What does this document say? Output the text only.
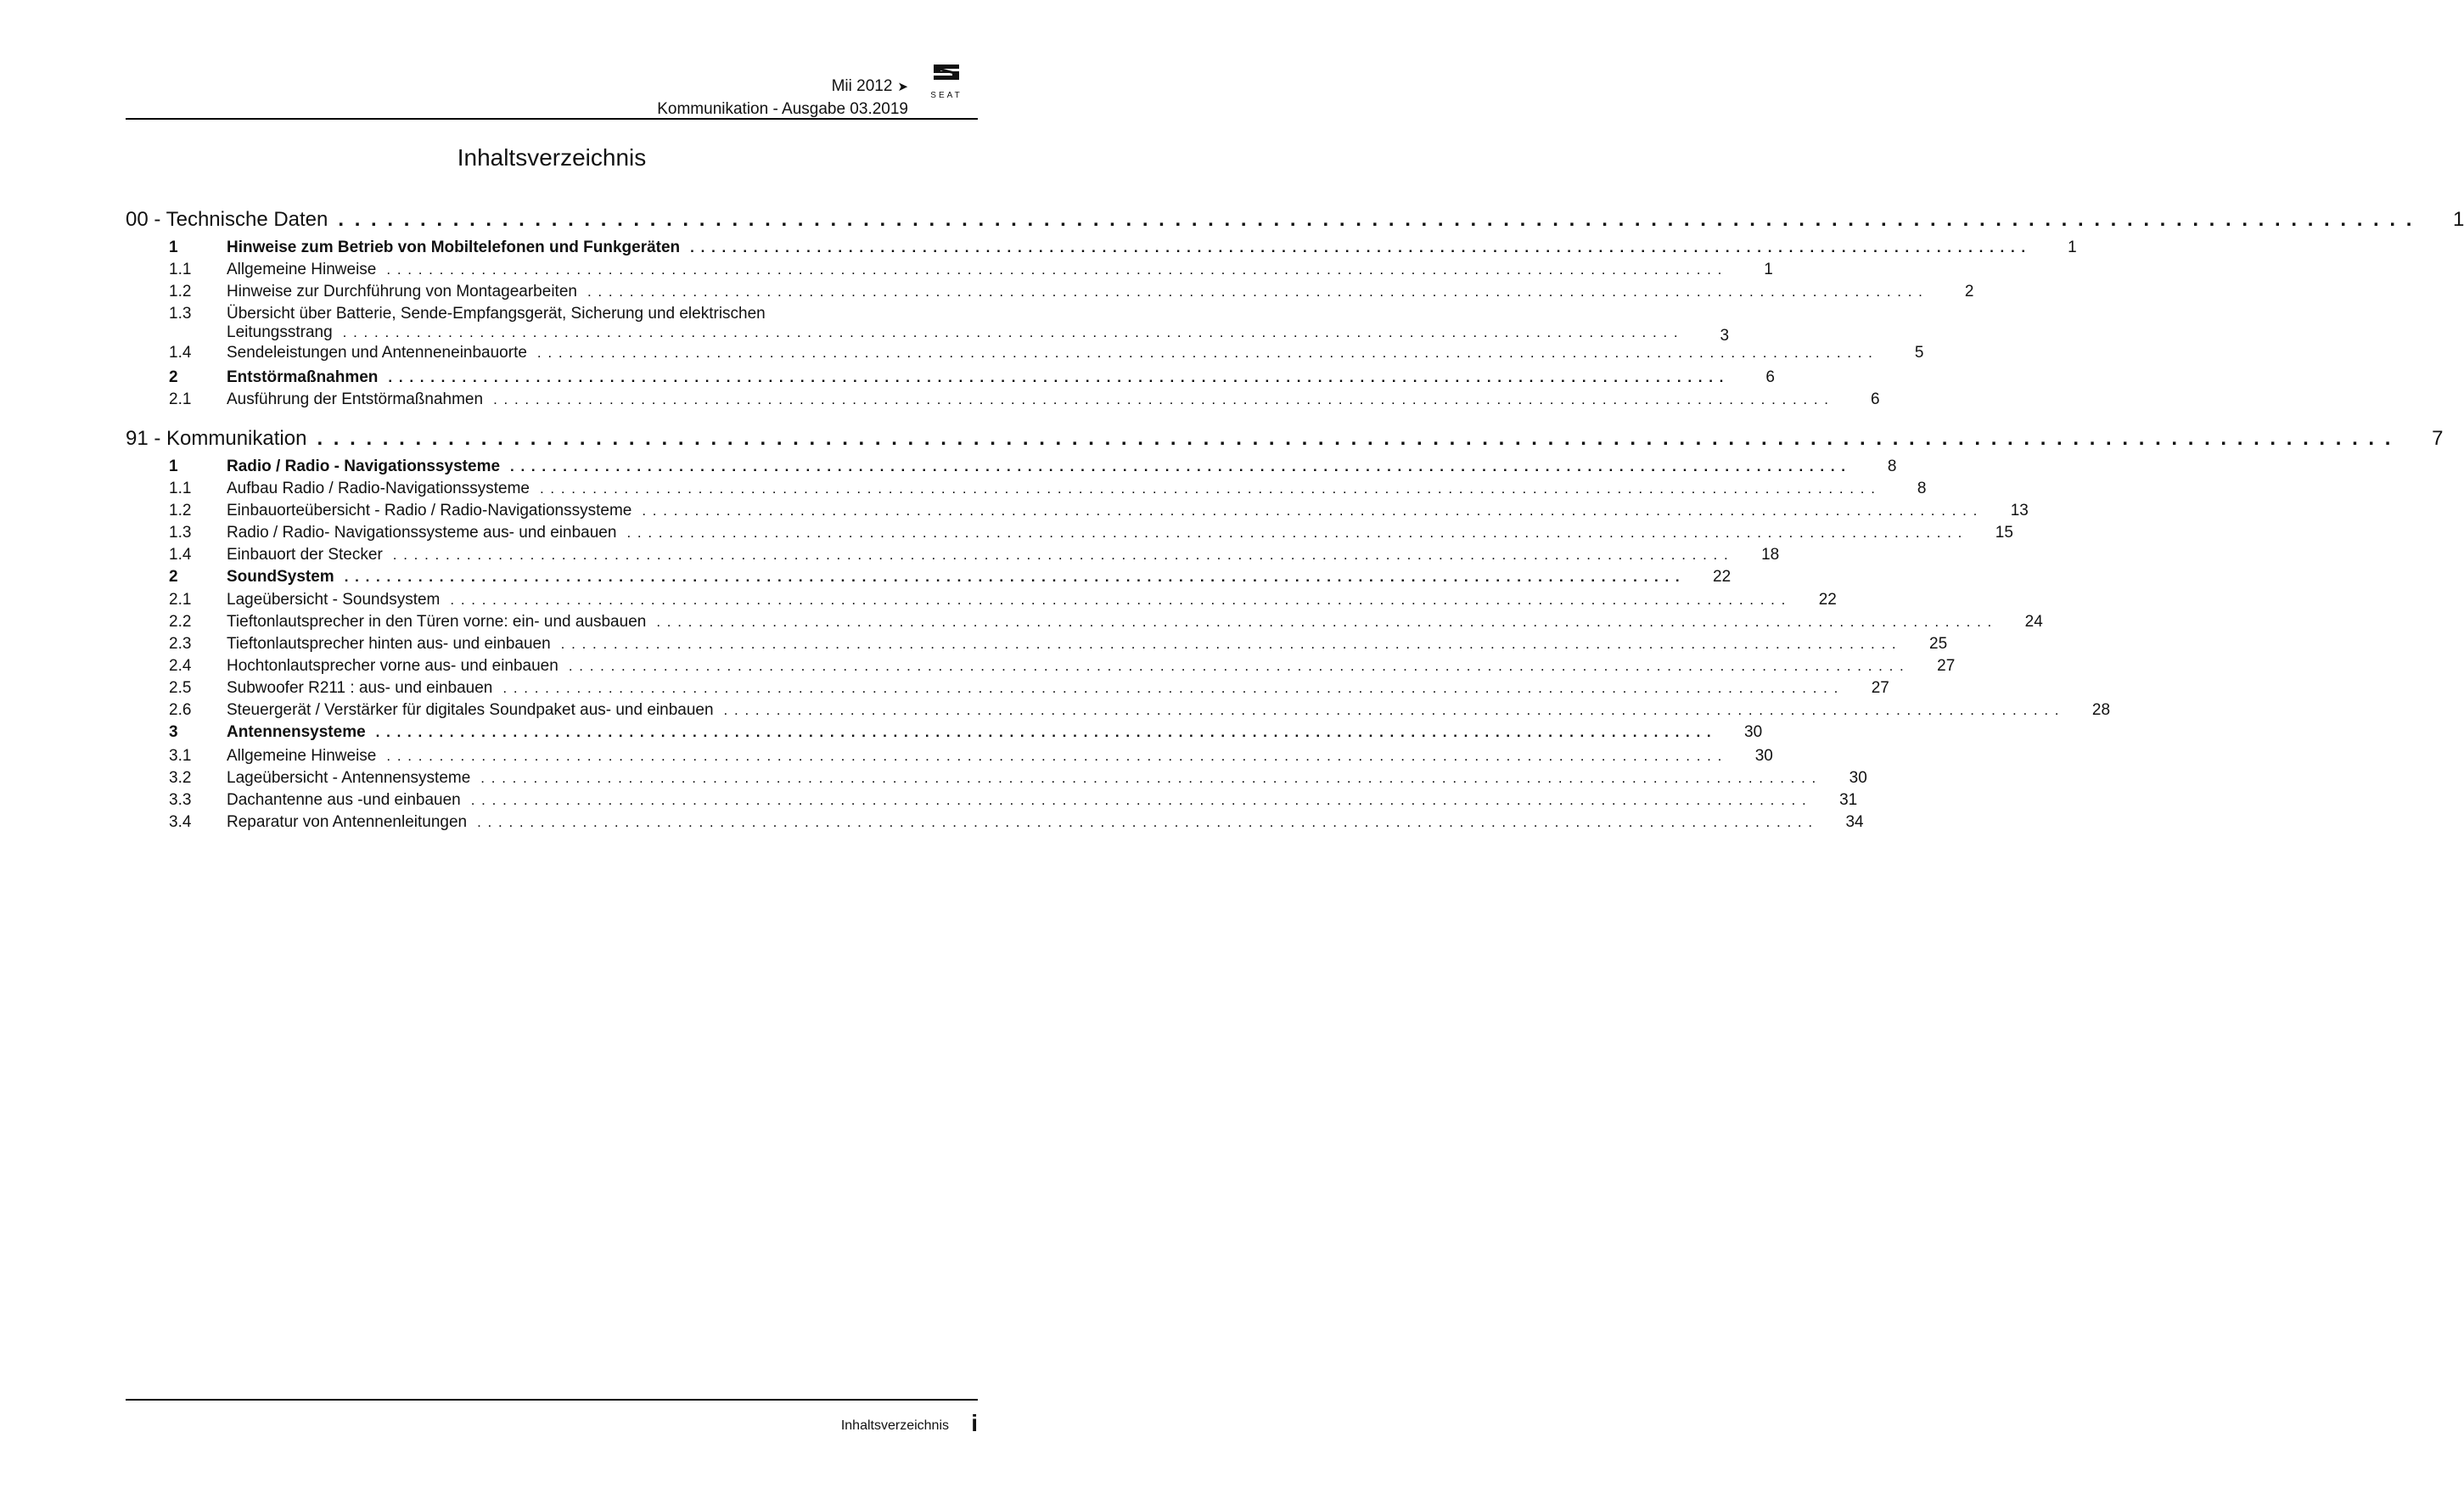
Mii 2012 ➤
Kommunikation - Ausgabe 03.2019
SEAT
Inhaltsverzeichnis
00 - Technische Daten . . .	1
1	Hinweise zum Betrieb von Mobiltelefonen und Funkgeräten . . .	1
1.1	Allgemeine Hinweise . . .	1
1.2	Hinweise zur Durchführung von Montagearbeiten . . .	2
1.3	Übersicht über Batterie, Sende-Empfangsgerät, Sicherung und elektrischen
Leitungsstrang . . .	3
1.4	Sendeleistungen und Antenneneinbauorte . . .	5
2	Entstörmaßnahmen . . .	6
2.1	Ausführung der Entstörmaßnahmen . . .	6
91 - Kommunikation . . .	7
1	Radio / Radio - Navigationssysteme . . .	8
1.1	Aufbau Radio / Radio-Navigationssysteme . . .	8
1.2	Einbauorteübersicht - Radio / Radio-Navigationssysteme . . .	13
1.3	Radio / Radio- Navigationssysteme aus- und einbauen . . .	15
1.4	Einbauort der Stecker . . .	18
2	SoundSystem . . .	22
2.1	Lageübersicht - Soundsystem . . .	22
2.2	Tieftonlautsprecher in den Türen vorne: ein- und ausbauen . . .	24
2.3	Tieftonlautsprecher hinten aus- und einbauen . . .	25
2.4	Hochtonlautsprecher vorne aus- und einbauen . . .	27
2.5	Subwoofer R211 : aus- und einbauen . . .	27
2.6	Steuergerät / Verstärker für digitales Soundpaket aus- und einbauen . . .	28
3	Antennensysteme . . .	30
3.1	Allgemeine Hinweise . . .	30
3.2	Lageübersicht - Antennensysteme . . .	30
3.3	Dachantenne aus -und einbauen . . .	31
3.4	Reparatur von Antennenleitungen . . .	34
Inhaltsverzeichnis i
